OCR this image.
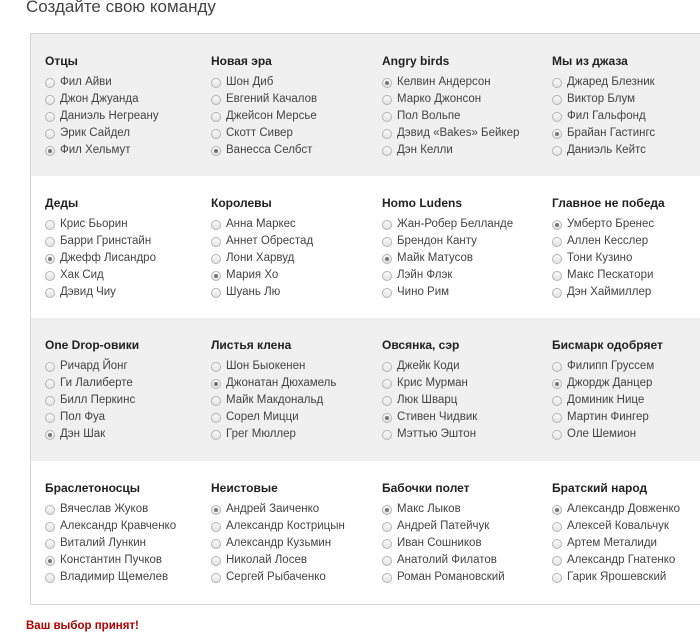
Создайте свою команду
Отцы
Фил Айви
Джон Джуанда
Даниэль Негреану
Эрик Сайдел
Фил Хельмут
Новая эра
Шон Диб
Евгений Качалов
Джейсон Мерсье
Скотт Сивер
Ванесса Селбст
Angry birds
Келвин Андерсон
Марко Джонсон
Пол Вольпе
Дэвид «Bakes» Бейкер
Дэн Келли
Мы из джаза
Джаред Блезник
Виктор Блум
Фил Гальфонд
Брайан Гастингс
Даниэль Кейтс
Деды
Крис Бьорин
Барри Гринстайн
Джефф Лисандро
Хак Сид
Дэвид Чиу
Королевы
Анна Маркес
Аннет Обрестад
Лони Харвуд
Мария Хо
Шуань Лю
Homo Ludens
Жан-Робер Белланде
Брендон Канту
Майк Матусов
Лэйн Флэк
Чино Рим
Главное не победа
Умберто Бренес
Аллен Кесслер
Тони Кузино
Макс Пескатори
Дэн Хаймиллер
One Drop-овики
Ричард Йонг
Ги Лалиберте
Билл Перкинс
Пол Фуа
Дэн Шак
Листья клена
Шон Быокенен
Джонатан Дюхамель
Майк Макдональд
Сорел Мицци
Грег Мюллер
Овсянка, сэр
Джейк Коди
Крис Мурман
Люк Шварц
Стивен Чидвик
Мэттью Эштон
Бисмарк одобряет
Филипп Груссем
Джордж Данцер
Доминик Нице
Мартин Фингер
Оле Шемион
Браслетоносцы
Вячеслав Жуков
Александр Кравченко
Виталий Лункин
Константин Пучков
Владимир Щемелев
Неистовые
Андрей Заиченко
Александр Кострицын
Александр Кузьмин
Николай Лосев
Сергей Рыбаченко
Бабочки полет
Макс Лыков
Андрей Патейчук
Иван Сошников
Анатолий Филатов
Роман Романовский
Братский народ
Александр Довженко
Алексей Ковальчук
Артем Металиди
Александр Гнатенко
Гарик Ярошевский
Ваш выбор принят!
